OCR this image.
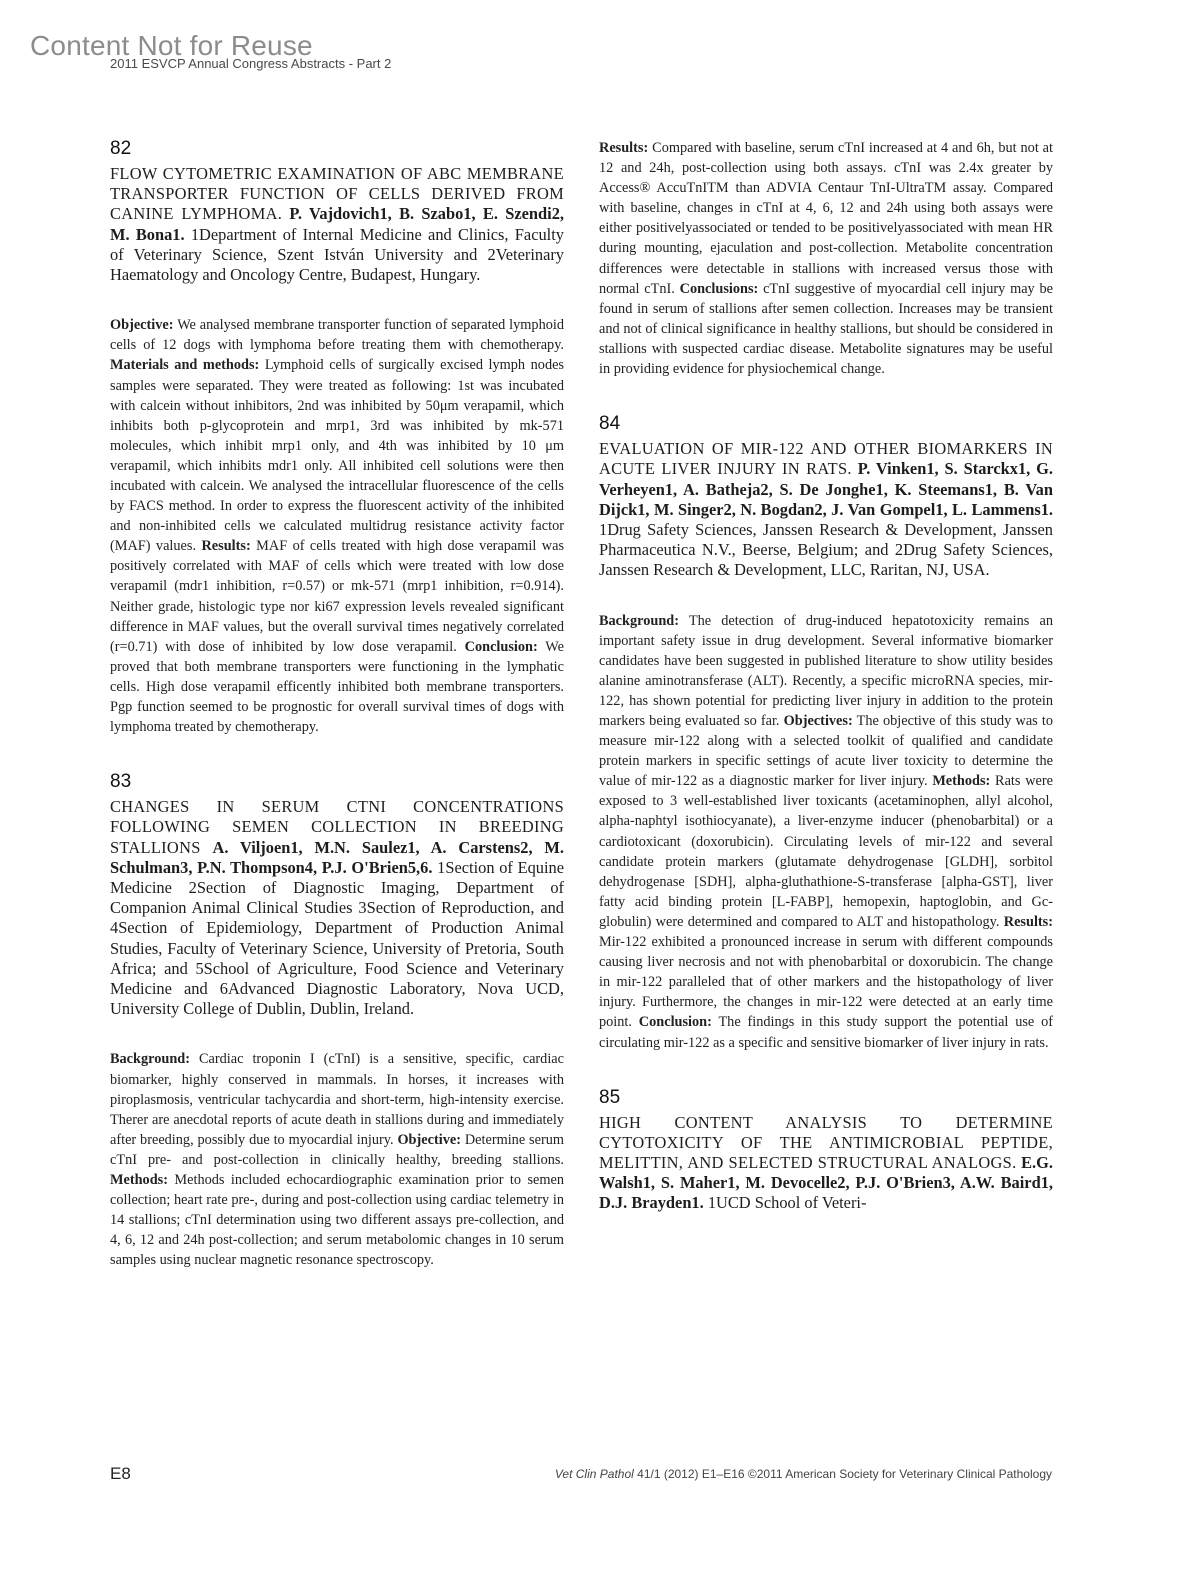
Content Not for Reuse
2011 ESVCP Annual Congress Abstracts - Part 2
82

FLOW CYTOMETRIC EXAMINATION OF ABC MEMBRANE TRANSPORTER FUNCTION OF CELLS DERIVED FROM CANINE LYMPHOMA. P. Vajdovich1, B. Szabo1, E. Szendi2, M. Bona1. 1Department of Internal Medicine and Clinics, Faculty of Veterinary Science, Szent István University and 2Veterinary Haematology and Oncology Centre, Budapest, Hungary.

Objective: We analysed membrane transporter function of separated lymphoid cells of 12 dogs with lymphoma before treating them with chemotherapy. Materials and methods: Lymphoid cells of surgically excised lymph nodes samples were separated. They were treated as following: 1st was incubated with calcein without inhibitors, 2nd was inhibited by 50μm verapamil, which inhibits both p-glycoprotein and mrp1, 3rd was inhibited by mk-571 molecules, which inhibit mrp1 only, and 4th was inhibited by 10 μm verapamil, which inhibits mdr1 only. All inhibited cell solutions were then incubated with calcein. We analysed the intracellular fluorescence of the cells by FACS method. In order to express the fluorescent activity of the inhibited and non-inhibited cells we calculated multidrug resistance activity factor (MAF) values. Results: MAF of cells treated with high dose verapamil was positively correlated with MAF of cells which were treated with low dose verapamil (mdr1 inhibition, r=0.57) or mk-571 (mrp1 inhibition, r=0.914). Neither grade, histologic type nor ki67 expression levels revealed significant difference in MAF values, but the overall survival times negatively correlated (r=0.71) with dose of inhibited by low dose verapamil. Conclusion: We proved that both membrane transporters were functioning in the lymphatic cells. High dose verapamil efficently inhibited both membrane transporters. Pgp function seemed to be prognostic for overall survival times of dogs with lymphoma treated by chemotherapy.

83

CHANGES IN SERUM CTNI CONCENTRATIONS FOLLOWING SEMEN COLLECTION IN BREEDING STALLIONS A. Viljoen1, M.N. Saulez1, A. Carstens2, M. Schulman3, P.N. Thompson4, P.J. O'Brien5,6. 1Section of Equine Medicine 2Section of Diagnostic Imaging, Department of Companion Animal Clinical Studies 3Section of Reproduction, and 4Section of Epidemiology, Department of Production Animal Studies, Faculty of Veterinary Science, University of Pretoria, South Africa; and 5School of Agriculture, Food Science and Veterinary Medicine and 6Advanced Diagnostic Laboratory, Nova UCD, University College of Dublin, Dublin, Ireland.

Background: Cardiac troponin I (cTnI) is a sensitive, specific, cardiac biomarker, highly conserved in mammals. In horses, it increases with piroplasmosis, ventricular tachycardia and short-term, high-intensity exercise. Therer are anecdotal reports of acute death in stallions during and immediately after breeding, possibly due to myocardial injury. Objective: Determine serum cTnI pre- and post-collection in clinically healthy, breeding stallions. Methods: Methods included echocardiographic examination prior to semen collection; heart rate pre-, during and post-collection using cardiac telemetry in 14 stallions; cTnI determination using two different assays pre-collection, and 4, 6, 12 and 24h post-collection; and serum metabolomic changes in 10 serum samples using nuclear magnetic resonance spectroscopy.

Results: Compared with baseline, serum cTnI increased at 4 and 6h, but not at 12 and 24h, post-collection using both assays. cTnI was 2.4x greater by Access® AccuTnITM than ADVIA Centaur TnI-UltraTM assay. Compared with baseline, changes in cTnI at 4, 6, 12 and 24h using both assays were either positivelyassociated or tended to be positivelyassociated with mean HR during mounting, ejaculation and post-collection. Metabolite concentration differences were detectable in stallions with increased versus those with normal cTnI. Conclusions: cTnI suggestive of myocardial cell injury may be found in serum of stallions after semen collection. Increases may be transient and not of clinical significance in healthy stallions, but should be considered in stallions with suspected cardiac disease. Metabolite signatures may be useful in providing evidence for physiochemical change.

84

EVALUATION OF MIR-122 AND OTHER BIOMARKERS IN ACUTE LIVER INJURY IN RATS. P. Vinken1, S. Starckx1, G. Verheyen1, A. Batheja2, S. De Jonghe1, K. Steemans1, B. Van Dijck1, M. Singer2, N. Bogdan2, J. Van Gompel1, L. Lammens1. 1Drug Safety Sciences, Janssen Research & Development, Janssen Pharmaceutica N.V., Beerse, Belgium; and 2Drug Safety Sciences, Janssen Research & Development, LLC, Raritan, NJ, USA.

Background: The detection of drug-induced hepatotoxicity remains an important safety issue in drug development. Several informative biomarker candidates have been suggested in published literature to show utility besides alanine aminotransferase (ALT). Recently, a specific microRNA species, mir-122, has shown potential for predicting liver injury in addition to the protein markers being evaluated so far. Objectives: The objective of this study was to measure mir-122 along with a selected toolkit of qualified and candidate protein markers in specific settings of acute liver toxicity to determine the value of mir-122 as a diagnostic marker for liver injury. Methods: Rats were exposed to 3 well-established liver toxicants (acetaminophen, allyl alcohol, alpha-naphtyl isothiocyanate), a liver-enzyme inducer (phenobarbital) or a cardiotoxicant (doxorubicin). Circulating levels of mir-122 and several candidate protein markers (glutamate dehydrogenase [GLDH], sorbitol dehydrogenase [SDH], alpha-gluthathione-S-transferase [alpha-GST], liver fatty acid binding protein [L-FABP], hemopexin, haptoglobin, and Gc-globulin) were determined and compared to ALT and histopathology. Results: Mir-122 exhibited a pronounced increase in serum with different compounds causing liver necrosis and not with phenobarbital or doxorubicin. The change in mir-122 paralleled that of other markers and the histopathology of liver injury. Furthermore, the changes in mir-122 were detected at an early time point. Conclusion: The findings in this study support the potential use of circulating mir-122 as a specific and sensitive biomarker of liver injury in rats.

85

HIGH CONTENT ANALYSIS TO DETERMINE CYTOTOXICITY OF THE ANTIMICROBIAL PEPTIDE, MELITTIN, AND SELECTED STRUCTURAL ANALOGS. E.G. Walsh1, S. Maher1, M. Devocelle2, P.J. O'Brien3, A.W. Baird1, D.J. Brayden1. 1UCD School of Veteri-

E8	Vet Clin Pathol 41/1 (2012) E1–E16 ©2011 American Society for Veterinary Clinical Pathology
